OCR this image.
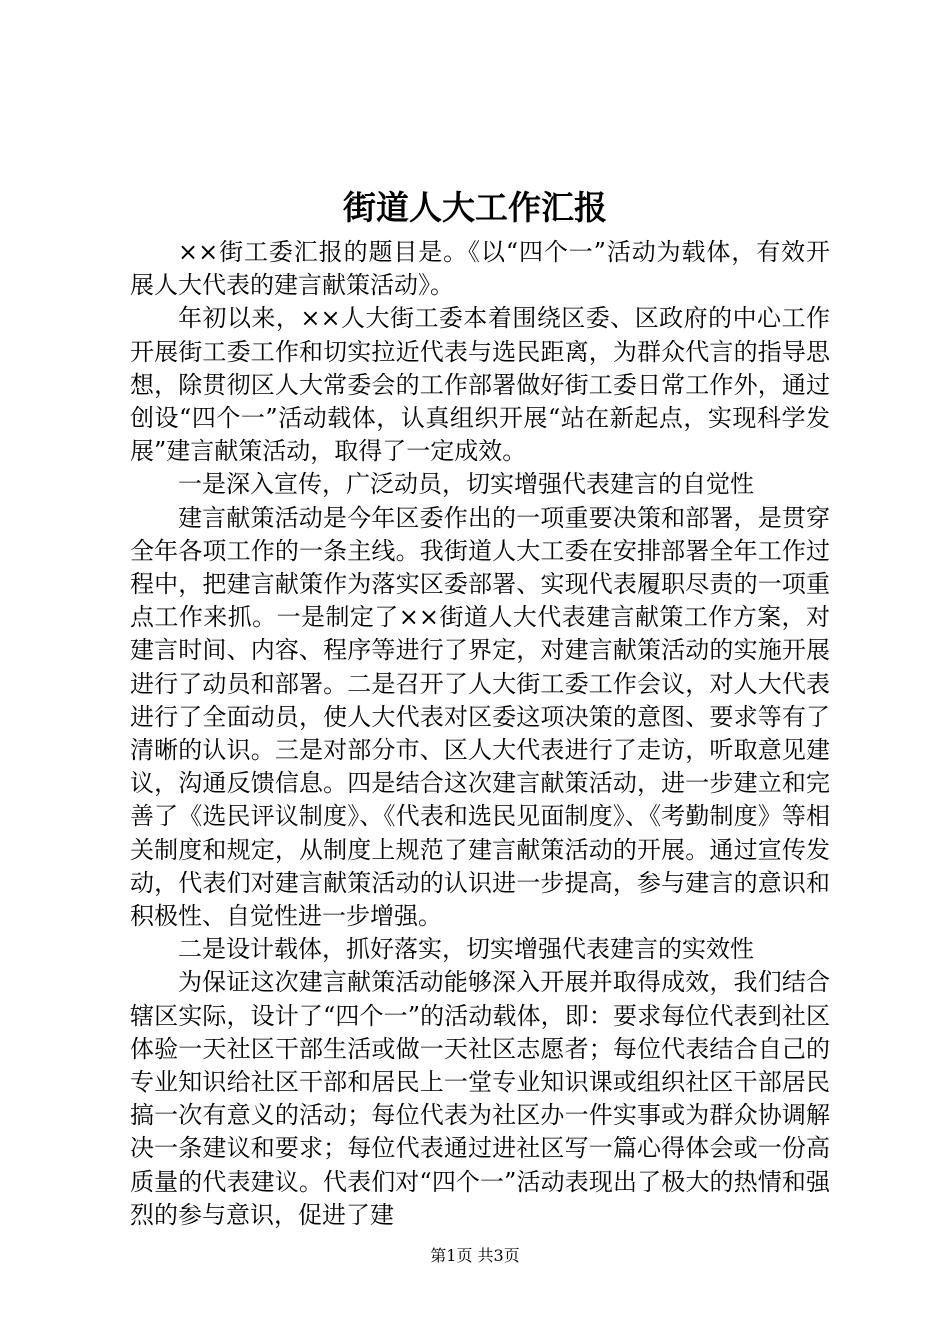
街道人大工作汇报

××街工委汇报的题目是。《以“四个一”活动为载体，有效开展人大代表的建言献策活动》。

年初以来，××人大街工委本着围绕区委、区政府的中心工作开展街工委工作和切实拉近代表与选民距离，为群众代言的指导思想，除贯彻区人大常委会的工作部署做好街工委日常工作外，通过创设“四个一”活动载体，认真组织开展“站在新起点，实现科学发展”建言献策活动，取得了一定成效。

一是深入宣传，广泛动员，切实增强代表建言的自觉性

建言献策活动是今年区委作出的一项重要决策和部署，是贯穿全年各项工作的一条主线。我街道人大工委在安排部署全年工作过程中，把建言献策作为落实区委部署、实现代表履职尽责的一项重点工作来抓。一是制定了××街道人大代表建言献策工作方案，对建言时间、内容、程序等进行了界定，对建言献策活动的实施开展进行了动员和部署。二是召开了人大街工委工作会议，对人大代表进行了全面动员，使人大代表对区委这项决策的意图、要求等有了清晰的认识。三是对部分市、区人大代表进行了走访，听取意见建议，沟通反馈信息。四是结合这次建言献策活动，进一步建立和完善了《选民评议制度》、《代表和选民见面制度》、《考勤制度》等相关制度和规定，从制度上规范了建言献策活动的开展。通过宣传发动，代表们对建言献策活动的认识进一步提高，参与建言的意识和积极性、自觉性进一步增强。

二是设计载体，抓好落实，切实增强代表建言的实效性

为保证这次建言献策活动能够深入开展并取得成效，我们结合辖区实际，设计了“四个一”的活动载体，即：要求每位代表到社区体验一天社区干部生活或做一天社区志愿者；每位代表结合自己的专业知识给社区干部和居民上一堂专业知识课或组织社区干部居民搞一次有意义的活动；每位代表为社区办一件实事或为群众协调解决一条建议和要求；每位代表通过进社区写一篇心得体会或一份高质量的代表建议。代表们对“四个一”活动表现出了极大的热情和强烈的参与意识，促进了建

第1页 共3页
